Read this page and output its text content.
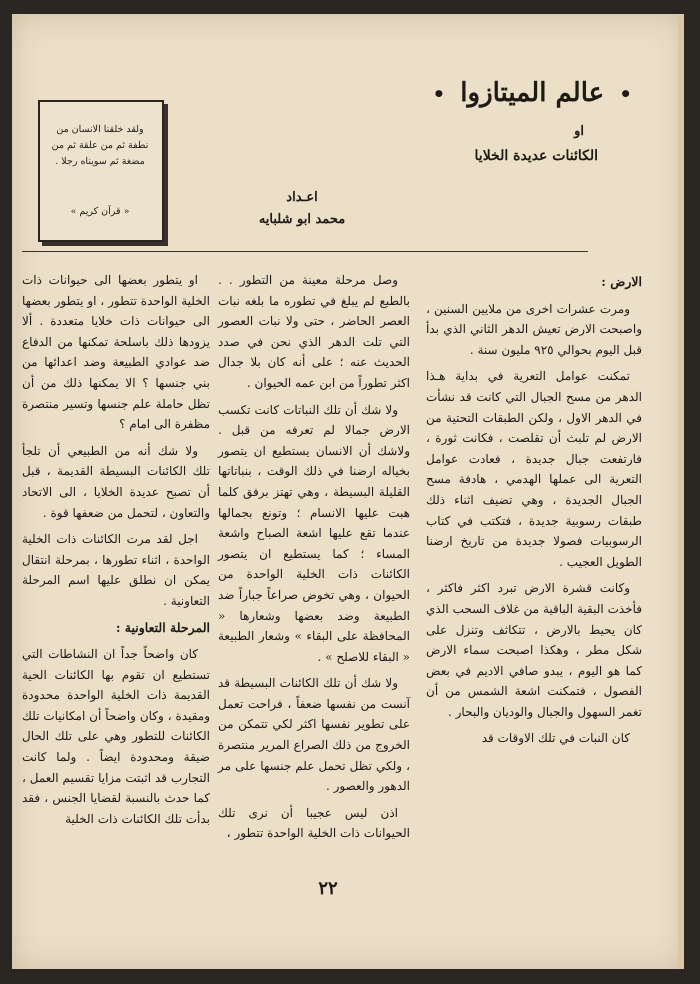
• عالم الميتازوا •
او
الكائنات عديدة الخلايا
اعـداد
محمد ابو شلبايه
ولقد خلقنا الانسان من نطفة ثم من علقة ثم من مضغة ثم سويناه رجلا .
« قرآن كريم »
الارض :

ومرت عشرات اخرى من ملايين السنين ، واصبحت الارض تعيش الدهر الثاني الذي بدأ قبل اليوم بحوالي ٩٢٥ مليون سنة .

تمكنت عوامل التعرية في بداية هـذا الدهر من مسح الجبال التي كانت قد نشأت في الدهر الاول ، ولكن الطبقات التحتية من الارض لم تلبث أن تقلصت ، فكانت ثورة ، فارتفعت جبال جديدة ، فعادت عوامل التعرية الى عملها الهدمي ، هادفة مسح الجبال الجديدة ، وهي تضيف اثناء ذلك طبقات رسوبية جديدة ، فتكتب في كتاب الرسوبيات فصولا جديدة من تاريخ ارضنا الطويل العجيب .

وكانت قشرة الارض تبرد اكثر فاكثر ، فأخذت البقية الباقية من غلاف السحب الذي كان يحيط بالارض ، تتكاثف وتنزل على شكل مطر ، وهكذا اصبحت سماء الارض كما هو اليوم ، يبدو صافي الاديم في بعض الفصول ، فتمكنت اشعة الشمس من أن تغمر السهول والجبال والوديان والبحار .

كان النبات في تلك الاوقات قد

وصل مرحلة معينة من التطور . . بالطبع لم يبلغ في تطوره ما بلغه نبات العصر الحاضر ، حتى ولا نبات العصور التي تلت الدهر الذي نحن في صدد الحديث عنه ؛ على أنه كان بلا جدال اكثر تطوراً من ابن عمه الحيوان .

ولا شك أن تلك النباتات كانت تكسب الارض جمالا لم تعرفه من قبل . ولاشك أن الانسان يستطيع ان يتصور بخياله ارضنا في ذلك الوقت ، بنباتاتها القليلة البسيطة ، وهي تهتز برفق كلما هبت عليها الانسام ؛ وتونع بجمالها عندما تقع عليها اشعة الصباح واشعة المساء ؛ كما يستطيع ان يتصور الكائنات ذات الخلية الواحدة من الحيوان ، وهي تخوض صراعاً جباراً ضد الطبيعة وضد بعضها وشعارها « المحافظة على البقاء » وشعار الطبيعة « البقاء للاصلح » .

ولا شك أن تلك الكائنات البسيطة قد آنست من نفسها ضعفاً ، فراحت تعمل على تطوير نفسها اكثر لكي تتمكن من الخروج من ذلك الصراع المرير منتصرة ، ولكي تظل تحمل علم جنسها على مر الدهور والعصور .

اذن ليس عجيبا أن نرى تلك الحيوانات ذات الخلية الواحدة تتطور ،

او يتطور بعضها الى حيوانات ذات الخلية الواحدة تتطور ، او يتطور بعضها الى حيوانات ذات خلايا متعددة . ألا يزودها ذلك باسلحة تمكنها من الدفاع ضد عوادي الطبيعة وضد اعدائها من بني جنسها ؟ الا يمكنها ذلك من أن تظل حاملة علم جنسها وتسير منتصرة مظفرة الى امام ؟

ولا شك أنه من الطبيعي أن تلجأ تلك الكائنات البسيطة القديمة ، قبل أن تصبح عديدة الخلايا ، الى الاتحاد والتعاون ، لتحمل من ضعفها قوة .

اجل لقد مرت الكائنات ذات الخلية الواحدة ، اثناء تطورها ، بمرحلة انتقال يمكن ان نطلق عليها اسم المرحلة التعاونية .

المرحلة التعاونية :

كان واضحاً جداً ان النشاطات التي تستطيع ان تقوم بها الكائنات الحية القديمة ذات الخلية الواحدة محدودة ومقيدة ، وكان واضحاً أن امكانيات تلك الكائنات للتطور وهي على تلك الحال ضيقة ومحدودة ايضاً . ولما كانت التجارب قد اثبتت مزايا تقسيم العمل ، كما حدث بالنسبة لقضايا الجنس ، فقد بدأت تلك الكائنات ذات الخلية

٢٢
